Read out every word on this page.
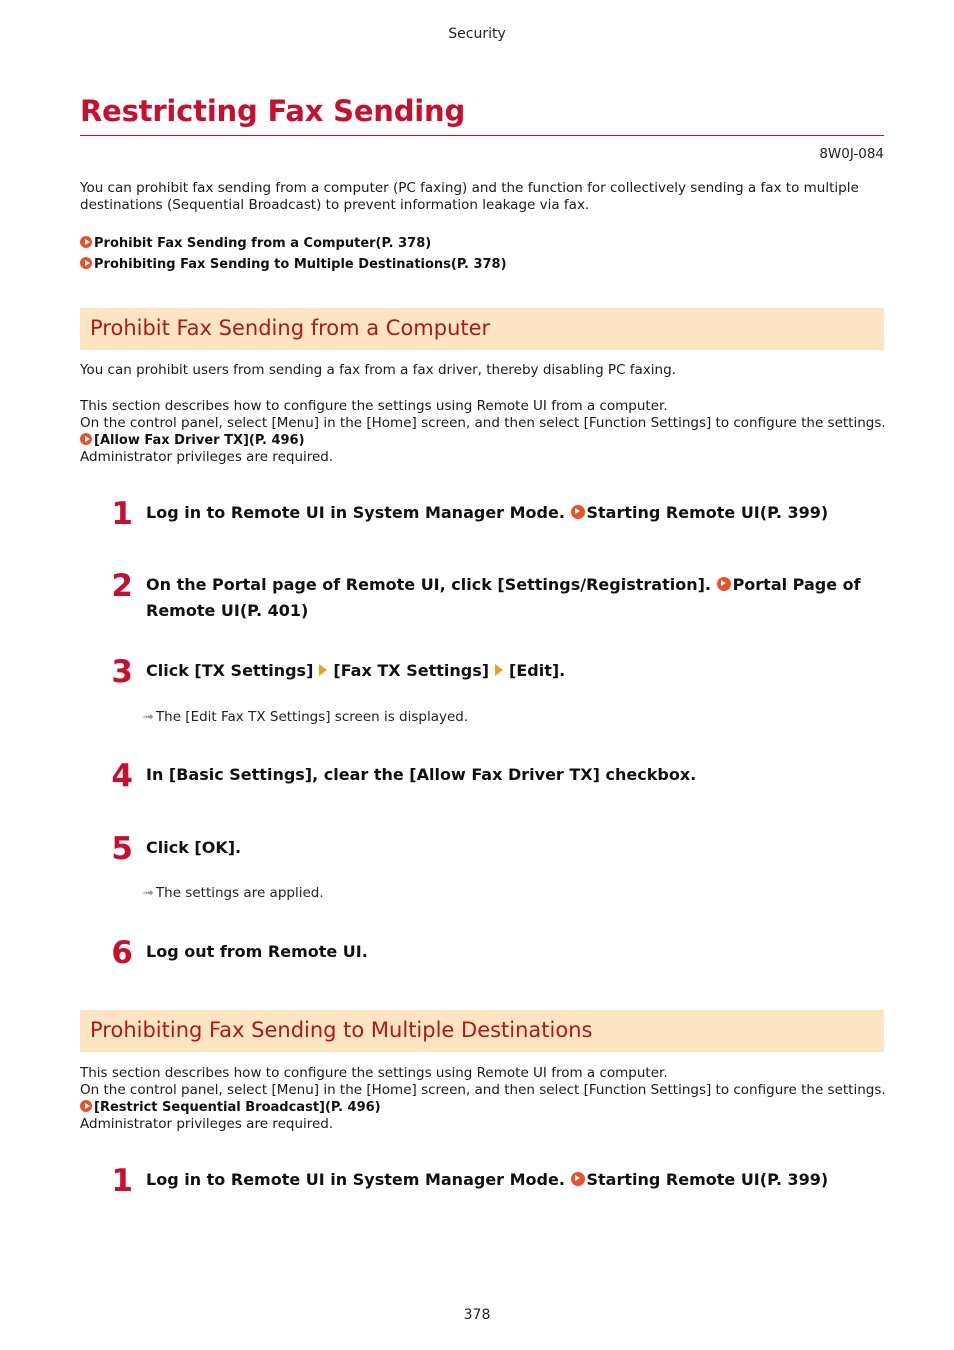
Security
Restricting Fax Sending
8W0J-084
You can prohibit fax sending from a computer (PC faxing) and the function for collectively sending a fax to multiple
destinations (Sequential Broadcast) to prevent information leakage via fax.
Prohibit Fax Sending from a Computer(P. 378)
Prohibiting Fax Sending to Multiple Destinations(P. 378)
Prohibit Fax Sending from a Computer
You can prohibit users from sending a fax from a fax driver, thereby disabling PC faxing.
This section describes how to configure the settings using Remote UI from a computer.
On the control panel, select [Menu] in the [Home] screen, and then select [Function Settings] to configure the settings.
[Allow Fax Driver TX](P. 496)
Administrator privileges are required.
1 Log in to Remote UI in System Manager Mode. Starting Remote UI(P. 399)
2 On the Portal page of Remote UI, click [Settings/Registration]. Portal Page of
Remote UI(P. 401)
3 Click [TX Settings] [Fax TX Settings] [Edit].
➟ The [Edit Fax TX Settings] screen is displayed.
4 In [Basic Settings], clear the [Allow Fax Driver TX] checkbox.
5 Click [OK].
➟ The settings are applied.
6 Log out from Remote UI.
Prohibiting Fax Sending to Multiple Destinations
This section describes how to configure the settings using Remote UI from a computer.
On the control panel, select [Menu] in the [Home] screen, and then select [Function Settings] to configure the settings.
[Restrict Sequential Broadcast](P. 496)
Administrator privileges are required.
1 Log in to Remote UI in System Manager Mode. Starting Remote UI(P. 399)
378
